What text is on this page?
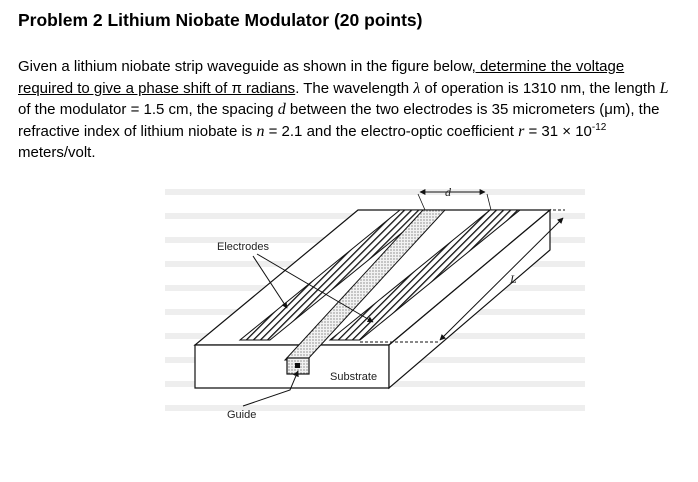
Problem 2 Lithium Niobate Modulator (20 points)

Given a lithium niobate strip waveguide as shown in the figure below, determine the voltage required to give a phase shift of π radians. The wavelength λ of operation is 1310 nm, the length L of the modulator = 1.5 cm, the spacing d between the two electrodes is 35 micrometers (μm), the refractive index of lithium niobate is n = 2.1 and the electro-optic coefficient $r = 31 \times 10^{-12}$ meters/volt.

d
L
Electrodes
Substrate
Guide
